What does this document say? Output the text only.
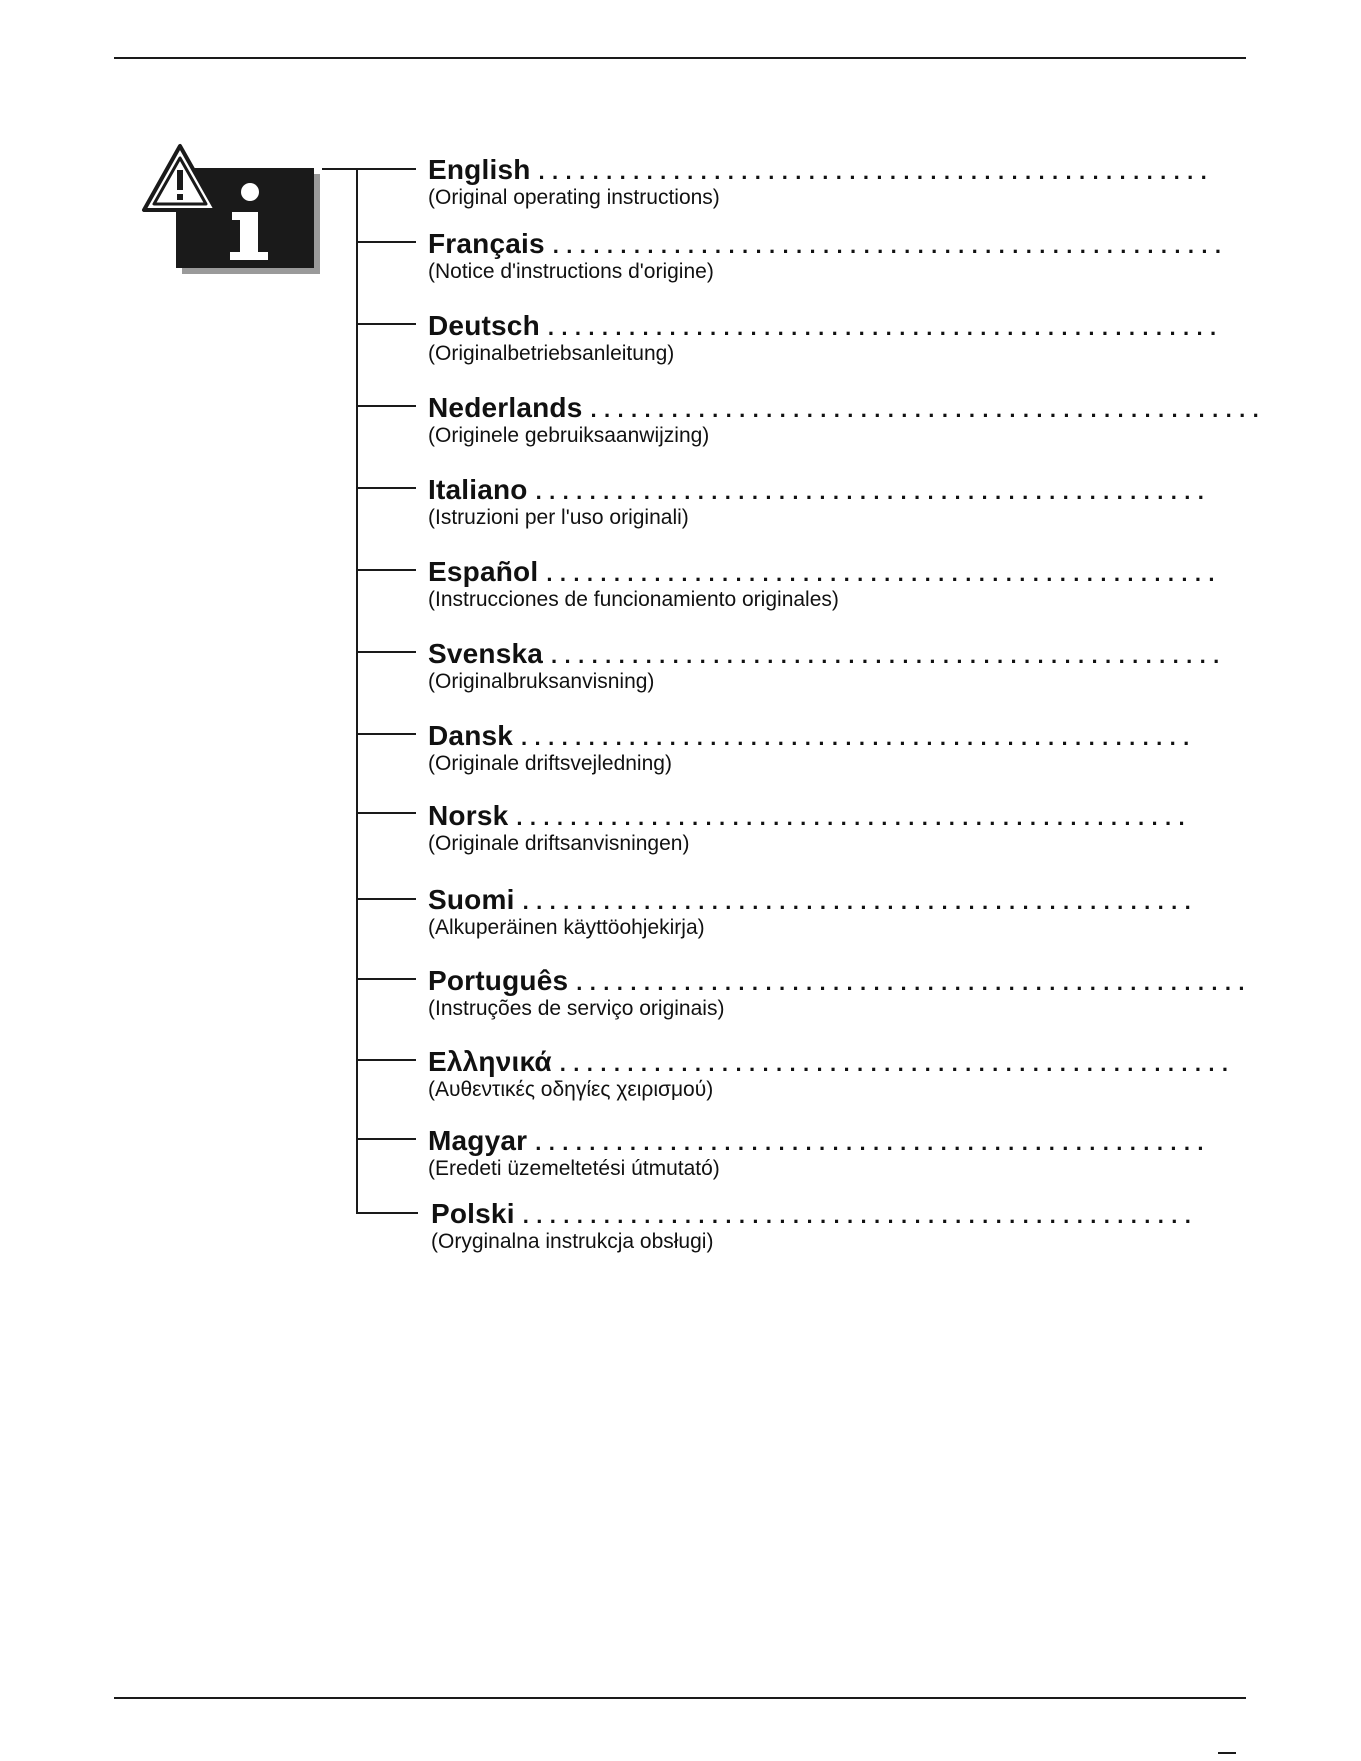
English ..................................................
(Original operating instructions)
Français ..................................................
(Notice d'instructions d'origine)
Deutsch ..................................................
(Originalbetriebsanleitung)
Nederlands ..................................................
(Originele gebruiksaanwijzing)
Italiano ..................................................
(Istruzioni per l'uso originali)
Español ..................................................
(Instrucciones de funcionamiento originales)
Svenska ..................................................
(Originalbruksanvisning)
Dansk ..................................................
(Originale driftsvejledning)
Norsk ..................................................
(Originale driftsanvisningen)
Suomi ..................................................
(Alkuperäinen käyttöohjekirja)
Português ..................................................
(Instruções de serviço originais)
Ελληνικά ..................................................
(Αυθεντικές οδηγίες χειρισμού)
Magyar ..................................................
(Eredeti üzemeltetési útmutató)
Polski ..................................................
(Oryginalna instrukcja obsługi)
